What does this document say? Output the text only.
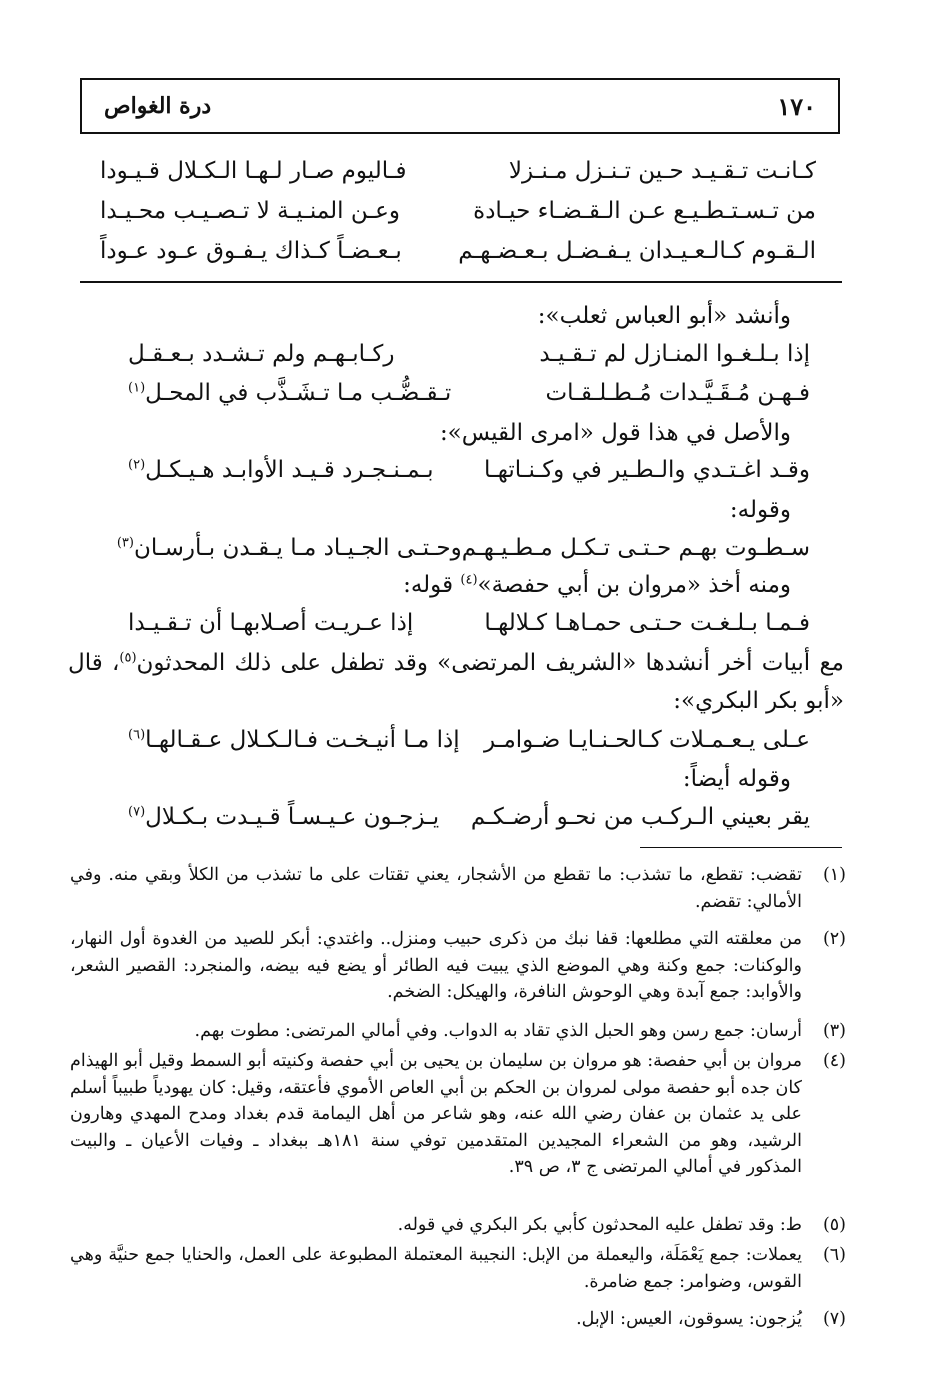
١٧٠
درة الغواص
كـانـت تـقـيـد حـين تـنـزل مـنـزلا
فـاليوم صـار لـهـا الـكـلال قـيـودا
من تـسـتـطـيـع عـن الـقـضـاء حيـادة
وعـن المنـيـة لا تـصـيـب محـيـدا
الـقـوم كـالـعـيـدان يـفـضـل بـعـضـهـم
بـعـضـاً كـذاك يـفـوق عـود عـوداً
وأنشد «أبو العباس ثعلب»:
إذا بـلـغـوا المنـازل لم تـقـيـد
ركـابـهـم ولم تـشـدد بـعـقـل
فـهـن مُـقَـيَّـدات مُـطـلـقـات
تـقـضُّـب مـا تـشَـذَّب في المحـل$^{(١)}$
والأصل في هذا قول «امرى القيس»:
وقـد اغـتـدي والـطـير في وكـنـاتهـا
بـمـنـجـرد قـيـد الأوابـد هـيـكـل$^{(٢)}$
وقوله:
سـطـوت بهـم حـتـى تـكـل مـطـيـهـم
وحـتـى الجـيـاد مـا يـقـدن بـأرسـان$^{(٣)}$
ومنه أخذ «مروان بن أبي حفصة»$^{(٤)}$ قوله:
فـمـا بـلـغـت حـتـى حمـاهـا كـلالهـا
إذا عـريـت أصـلابهـا أن تـقـيـدا
مع أبيات أخر أنشدها «الشريف المرتضى» وقد تطفل على ذلك المحدثون$^{(٥)}$، قال
«أبو بكر البكري»:
عـلى يـعـمـلات كـالحـنـايـا ضـوامـر
إذا مـا أنيـخـت فـالـكـلال عـقـالهـا$^{(٦)}$
وقوله أيضاً:
يقر بعيني الـركـب من نحـو أرضـكـم
يـزجـون عـيـسـاً قـيـدت بـكـلال$^{(٧)}$
(١)
تقضب: تقطع، ما تشذب: ما تقطع من الأشجار، يعني تقتات على ما تشذب من الكلأ وبقي منه. وفي الأمالي: تقضم.
(٢)
من معلقته التي مطلعها: قفا نبك من ذكرى حبيب ومنزل.. واغتدي: أبكر للصيد من الغدوة أول النهار، والوكنات: جمع وكنة وهي الموضع الذي يبيت فيه الطائر أو يضع فيه بيضه، والمنجرد: القصير الشعر، والأوابد: جمع آبدة وهي الوحوش النافرة، والهيكل: الضخم.
(٣)
أرسان: جمع رسن وهو الحبل الذي تقاد به الدواب. وفي أمالي المرتضى: مطوت بهم.
(٤)
مروان بن أبي حفصة: هو مروان بن سليمان بن يحيى بن أبي حفصة وكنيته أبو السمط وقيل أبو الهيذام كان جده أبو حفصة مولى لمروان بن الحكم بن أبي العاص الأموي فأعتقه، وقيل: كان يهودياً طبيباً أسلم على يد عثمان بن عفان رضي الله عنه، وهو شاعر من أهل اليمامة قدم بغداد ومدح المهدي وهارون الرشيد، وهو من الشعراء المجيدين المتقدمين توفي سنة ١٨١هـ ببغداد ـ وفيات الأعيان ـ والبيت المذكور في أمالي المرتضى ج ٣، ص ٣٩.
(٥)
ط: وقد تطفل عليه المحدثون كأبي بكر البكري في قوله.
(٦)
يعملات: جمع يَعْمَلَة، واليعملة من الإبل: النجيبة المعتملة المطبوعة على العمل، والحنايا جمع حنيَّة وهي القوس، وضوامر: جمع ضامرة.
(٧)
يُزجون: يسوقون، العيس: الإبل.
